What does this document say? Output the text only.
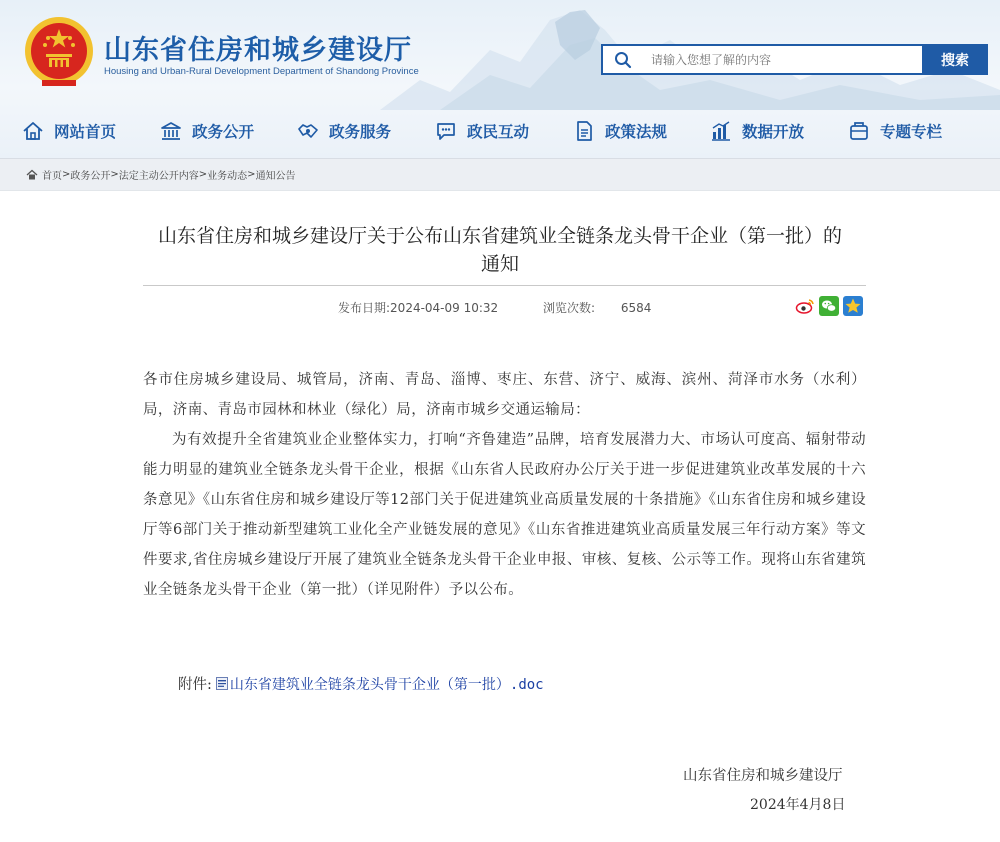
山东省住房和城乡建设厅
Housing and Urban-Rural Development Department of Shandong Province
请输入您想了解的内容
搜索
网站首页	政务公开	政务服务	政民互动	政策法规	数据开放	专题专栏
首页 > 政务公开 > 法定主动公开内容 > 业务动态 > 通知公告
山东省住房和城乡建设厅关于公布山东省建筑业全链条龙头骨干企业（第一批）的
通知
发布日期:2024-04-09 10:32	浏览次数: 6584

各市住房城乡建设局、城管局，济南、青岛、淄博、枣庄、东营、济宁、威海、滨州、菏泽市水务（水利）局，济南、青岛市园林和林业（绿化）局，济南市城乡交通运输局：

为有效提升全省建筑业企业整体实力，打响“齐鲁建造”品牌，培育发展潜力大、市场认可度高、辐射带动能力明显的建筑业全链条龙头骨干企业，根据《山东省人民政府办公厅关于进一步促进建筑业改革发展的十六条意见》《山东省住房和城乡建设厅等12部门关于促进建筑业高质量发展的十条措施》《山东省住房和城乡建设厅等6部门关于推动新型建筑工业化全产业链发展的意见》《山东省推进建筑业高质量发展三年行动方案》等文件要求,省住房城乡建设厅开展了建筑业全链条龙头骨干企业申报、审核、复核、公示等工作。现将山东省建筑业全链条龙头骨干企业（第一批）（详见附件）予以公布。

附件: 山东省建筑业全链条龙头骨干企业（第一批）.doc
山东省住房和城乡建设厅
2024年4月8日
